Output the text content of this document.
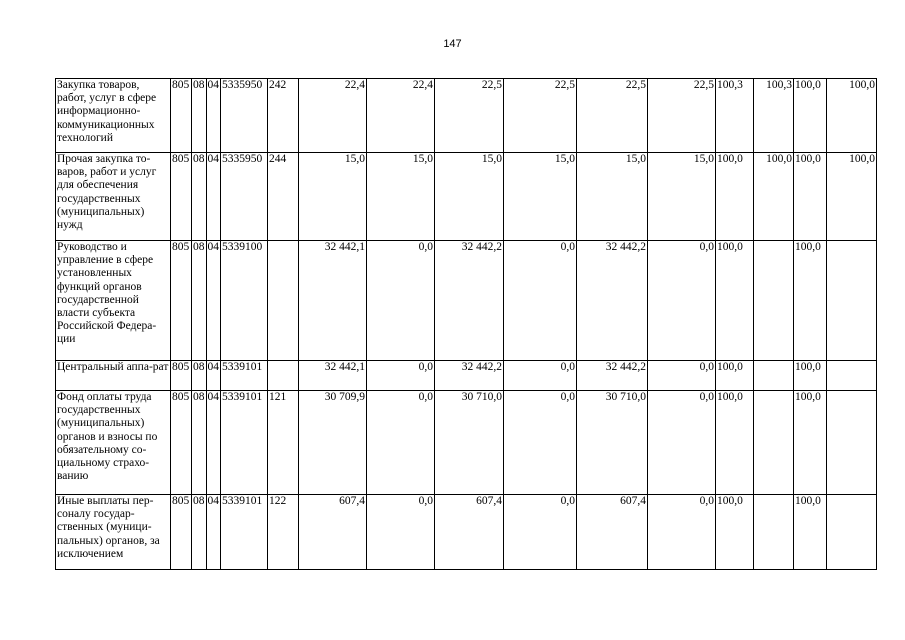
147
Закупка товаров, работ, услуг в сфере информационно-коммуникационных технологий	805	08	04	5335950	242	22,4	22,4	22,5	22,5	22,5	22,5	100,3	100,3	100,0	100,0
Прочая закупка то-варов, работ и услуг для обеспечения государственных (муниципальных) нужд	805	08	04	5335950	244	15,0	15,0	15,0	15,0	15,0	15,0	100,0	100,0	100,0	100,0
Руководство и управление в сфере установленных функций органов государственной власти субъекта Российской Федера-ции	805	08	04	5339100		32 442,1	0,0	32 442,2	0,0	32 442,2	0,0	100,0		100,0	
Центральный аппа-рат	805	08	04	5339101		32 442,1	0,0	32 442,2	0,0	32 442,2	0,0	100,0		100,0	
Фонд оплаты труда государственных (муниципальных) органов и взносы по обязательному со-циальному страхо-ванию	805	08	04	5339101	121	30 709,9	0,0	30 710,0	0,0	30 710,0	0,0	100,0		100,0	
Иные выплаты пер-соналу государ-ственных (муници-пальных) органов, за исключением	805	08	04	5339101	122	607,4	0,0	607,4	0,0	607,4	0,0	100,0		100,0	
